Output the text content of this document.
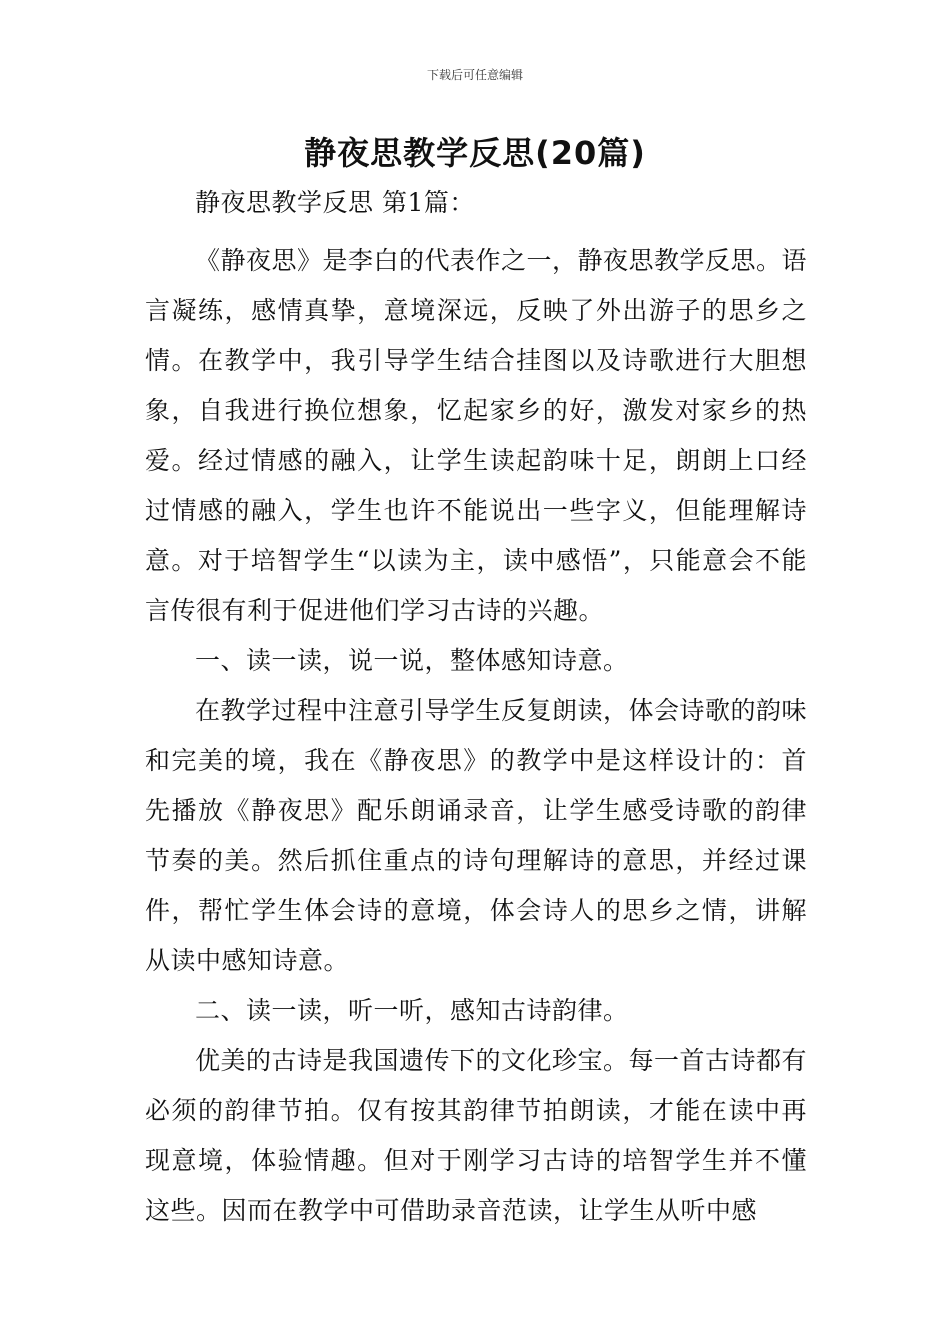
下载后可任意编辑
静夜思教学反思(20篇)

静夜思教学反思 第1篇：

《静夜思》是李白的代表作之一，静夜思教学反思。语言凝练，感情真挚，意境深远，反映了外出游子的思乡之情。在教学中，我引导学生结合挂图以及诗歌进行大胆想象，自我进行换位想象，忆起家乡的好，激发对家乡的热爱。经过情感的融入，让学生读起韵味十足，朗朗上口经过情感的融入，学生也许不能说出一些字义，但能理解诗意。对于培智学生“以读为主，读中感悟”，只能意会不能言传很有利于促进他们学习古诗的兴趣。

一、读一读，说一说，整体感知诗意。

在教学过程中注意引导学生反复朗读，体会诗歌的韵味和完美的境，我在《静夜思》的教学中是这样设计的：首先播放《静夜思》配乐朗诵录音，让学生感受诗歌的韵律节奏的美。然后抓住重点的诗句理解诗的意思，并经过课件，帮忙学生体会诗的意境，体会诗人的思乡之情，讲解从读中感知诗意。

二、读一读，听一听，感知古诗韵律。

优美的古诗是我国遗传下的文化珍宝。每一首古诗都有必须的韵律节拍。仅有按其韵律节拍朗读，才能在读中再现意境，体验情趣。但对于刚学习古诗的培智学生并不懂这些。因而在教学中可借助录音范读，让学生从听中感
